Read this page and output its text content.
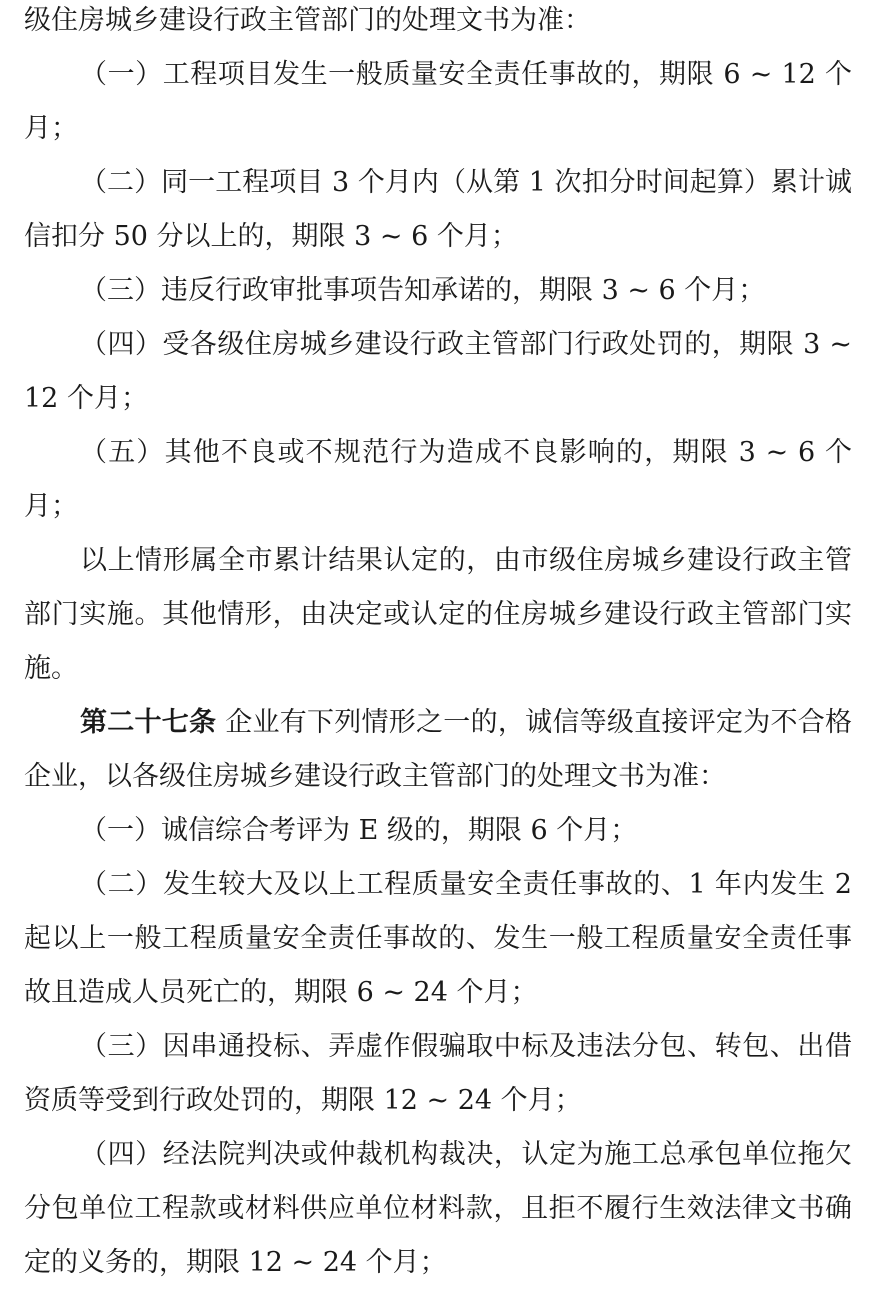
级住房城乡建设行政主管部门的处理文书为准：

（一）工程项目发生一般质量安全责任事故的，期限 6 ~ 12 个月；

（二）同一工程项目 3 个月内（从第 1 次扣分时间起算）累计诚信扣分 50 分以上的，期限 3 ~ 6 个月；

（三）违反行政审批事项告知承诺的，期限 3 ~ 6 个月；

（四）受各级住房城乡建设行政主管部门行政处罚的，期限 3 ~ 12 个月；

（五）其他不良或不规范行为造成不良影响的，期限 3 ~ 6 个月；

以上情形属全市累计结果认定的，由市级住房城乡建设行政主管部门实施。其他情形，由决定或认定的住房城乡建设行政主管部门实施。

第二十七条 企业有下列情形之一的，诚信等级直接评定为不合格企业，以各级住房城乡建设行政主管部门的处理文书为准：

（一）诚信综合考评为 E 级的，期限 6 个月；

（二）发生较大及以上工程质量安全责任事故的、1 年内发生 2 起以上一般工程质量安全责任事故的、发生一般工程质量安全责任事故且造成人员死亡的，期限 6 ~ 24 个月；

（三）因串通投标、弄虚作假骗取中标及违法分包、转包、出借资质等受到行政处罚的，期限 12 ~ 24 个月；

（四）经法院判决或仲裁机构裁决，认定为施工总承包单位拖欠分包单位工程款或材料供应单位材料款，且拒不履行生效法律文书确定的义务的，期限 12 ~ 24 个月；
